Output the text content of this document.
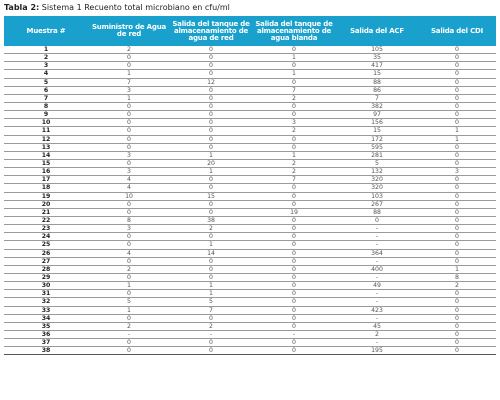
Tabla 2: Sistema 1 Recuento total microbiano en cfu/ml
Muestra #	Suministro de Agua de red	Salida del tanque de almacenamiento de agua de red	Salida del tanque de almacenamiento de agua blanda	Salida del ACF	Salida del CDI
1	2	0	0	105	0
2	0	0	1	35	0
3	0	0	0	417	0
4	1	0	1	15	0
5	7	12	0	88	0
6	3	0	7	86	0
7	1	0	2	7	0
8	0	0	0	382	0
9	0	0	0	97	0
10	0	0	3	156	0
11	0	0	2	15	1
12	0	0	0	172	1
13	0	0	0	595	0
14	3	1	1	281	0
15	0	20	2	5	0
16	3	1	2	132	3
17	4	0	7	320	0
18	4	0	0	320	0
19	10	15	0	103	0
20	0	0	0	267	0
21	0	0	19	88	0
22	8	38	0	0	0
23	3	2	0	-	0
24	0	0	0	-	0
25	0	1	0	-	0
26	4	14	0	364	0
27	0	0	0	-	0
28	2	0	0	400	1
29	0	0	0	-	8
30	1	1	0	49	2
31	0	1	0	-	0
32	5	5	0	-	0
33	1	7	0	423	0
34	0	0	0	-	0
35	2	2	0	45	0
36	-	-	-	2	0
37	0	0	0	-	0
38	0	0	0	195	0
